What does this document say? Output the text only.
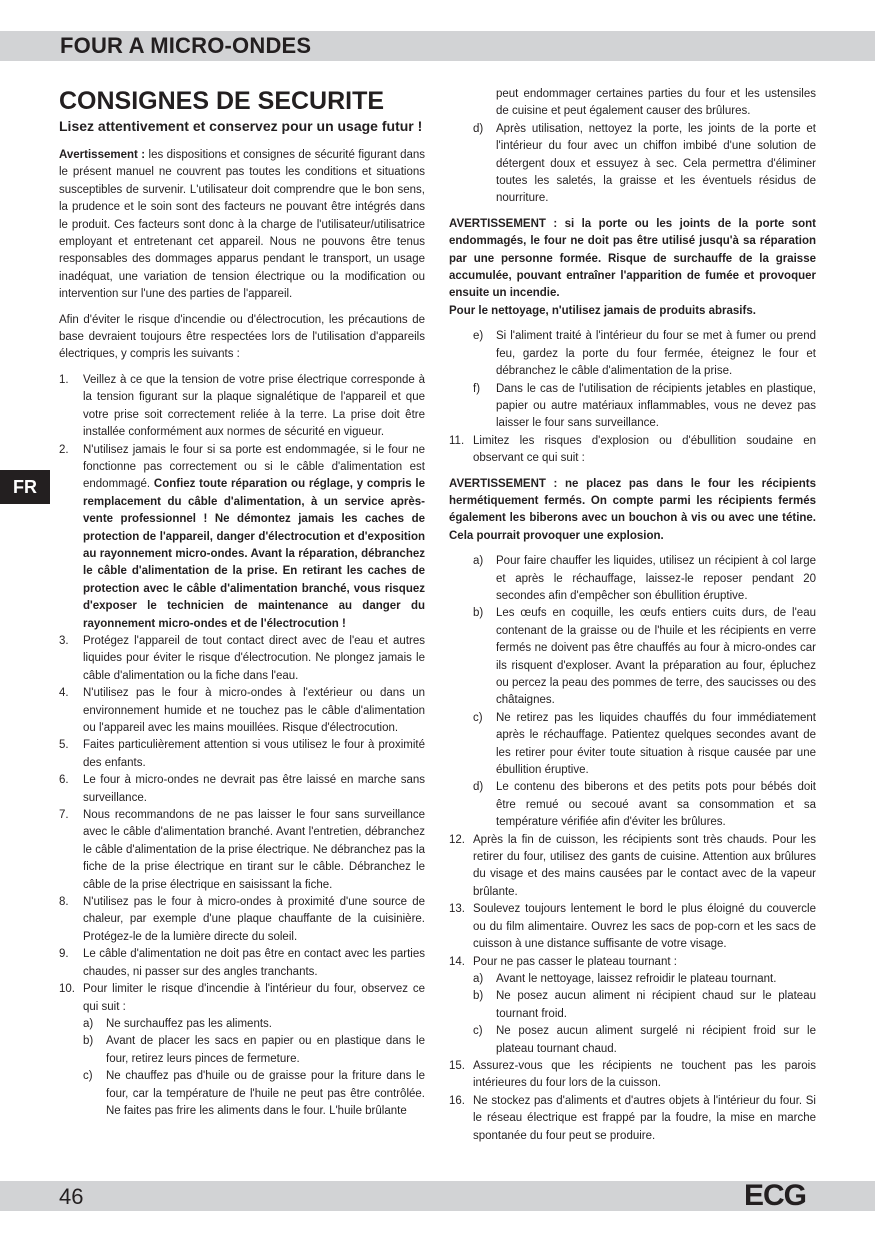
FOUR A MICRO-ONDES
FR
CONSIGNES DE SECURITE
Lisez attentivement et conservez pour un usage futur !

Avertissement : les dispositions et consignes de sécurité figurant dans le présent manuel ne couvrent pas toutes les conditions et situations susceptibles de survenir. L'utilisateur doit comprendre que le bon sens, la prudence et le soin sont des facteurs ne pouvant être intégrés dans le produit. Ces facteurs sont donc à la charge de l'utilisateur/utilisatrice employant et entretenant cet appareil. Nous ne pouvons être tenus responsables des dommages apparus pendant le transport, un usage inadéquat, une variation de tension électrique ou la modification ou intervention sur l'une des parties de l'appareil.

Afin d'éviter le risque d'incendie ou d'électrocution, les précautions de base devraient toujours être respectées lors de l'utilisation d'appareils électriques, y compris les suivants :

1. Veillez à ce que la tension de votre prise électrique corresponde à la tension figurant sur la plaque signalétique de l'appareil et que votre prise soit correctement reliée à la terre. La prise doit être installée conformément aux normes de sécurité en vigueur.
2. N'utilisez jamais le four si sa porte est endommagée, si le four ne fonctionne pas correctement ou si le câble d'alimentation est endommagé. Confiez toute réparation ou réglage, y compris le remplacement du câble d'alimentation, à un service après-vente professionnel ! Ne démontez jamais les caches de protection de l'appareil, danger d'électrocution et d'exposition au rayonnement micro-ondes. Avant la réparation, débranchez le câble d'alimentation de la prise. En retirant les caches de protection avec le câble d'alimentation branché, vous risquez d'exposer le technicien de maintenance au danger du rayonnement micro-ondes et de l'électrocution !
3. Protégez l'appareil de tout contact direct avec de l'eau et autres liquides pour éviter le risque d'électrocution. Ne plongez jamais le câble d'alimentation ou la fiche dans l'eau.
4. N'utilisez pas le four à micro-ondes à l'extérieur ou dans un environnement humide et ne touchez pas le câble d'alimentation ou l'appareil avec les mains mouillées. Risque d'électrocution.
5. Faites particulièrement attention si vous utilisez le four à proximité des enfants.
6. Le four à micro-ondes ne devrait pas être laissé en marche sans surveillance.
7. Nous recommandons de ne pas laisser le four sans surveillance avec le câble d'alimentation branché. Avant l'entretien, débranchez le câble d'alimentation de la prise électrique. Ne débranchez pas la fiche de la prise électrique en tirant sur le câble. Débranchez le câble de la prise électrique en saisissant la fiche.
8. N'utilisez pas le four à micro-ondes à proximité d'une source de chaleur, par exemple d'une plaque chauffante de la cuisinière. Protégez-le de la lumière directe du soleil.
9. Le câble d'alimentation ne doit pas être en contact avec les parties chaudes, ni passer sur des angles tranchants.
10. Pour limiter le risque d'incendie à l'intérieur du four, observez ce qui suit :
a) Ne surchauffez pas les aliments.
b) Avant de placer les sacs en papier ou en plastique dans le four, retirez leurs pinces de fermeture.
c) Ne chauffez pas d'huile ou de graisse pour la friture dans le four, car la température de l'huile ne peut pas être contrôlée. Ne faites pas frire les aliments dans le four. L'huile brûlante
peut endommager certaines parties du four et les ustensiles de cuisine et peut également causer des brûlures.
d) Après utilisation, nettoyez la porte, les joints de la porte et l'intérieur du four avec un chiffon imbibé d'une solution de détergent doux et essuyez à sec. Cela permettra d'éliminer toutes les saletés, la graisse et les éventuels résidus de nourriture.

AVERTISSEMENT : si la porte ou les joints de la porte sont endommagés, le four ne doit pas être utilisé jusqu'à sa réparation par une personne formée. Risque de surchauffe de la graisse accumulée, pouvant entraîner l'apparition de fumée et provoquer ensuite un incendie.

Pour le nettoyage, n'utilisez jamais de produits abrasifs.

e) Si l'aliment traité à l'intérieur du four se met à fumer ou prend feu, gardez la porte du four fermée, éteignez le four et débranchez le câble d'alimentation de la prise.
f) Dans le cas de l'utilisation de récipients jetables en plastique, papier ou autre matériaux inflammables, vous ne devez pas laisser le four sans surveillance.
11. Limitez les risques d'explosion ou d'ébullition soudaine en observant ce qui suit :

AVERTISSEMENT : ne placez pas dans le four les récipients hermétiquement fermés. On compte parmi les récipients fermés également les biberons avec un bouchon à vis ou avec une tétine. Cela pourrait provoquer une explosion.

a) Pour faire chauffer les liquides, utilisez un récipient à col large et après le réchauffage, laissez-le reposer pendant 20 secondes afin d'empêcher son ébullition éruptive.
b) Les œufs en coquille, les œufs entiers cuits durs, de l'eau contenant de la graisse ou de l'huile et les récipients en verre fermés ne doivent pas être chauffés au four à micro-ondes car ils risquent d'exploser. Avant la préparation au four, épluchez ou percez la peau des pommes de terre, des saucisses ou des châtaignes.
c) Ne retirez pas les liquides chauffés du four immédiatement après le réchauffage. Patientez quelques secondes avant de les retirer pour éviter toute situation à risque causée par une ébullition éruptive.
d) Le contenu des biberons et des petits pots pour bébés doit être remué ou secoué avant sa consommation et sa température vérifiée afin d'éviter les brûlures.
12. Après la fin de cuisson, les récipients sont très chauds. Pour les retirer du four, utilisez des gants de cuisine. Attention aux brûlures du visage et des mains causées par le contact avec de la vapeur brûlante.
13. Soulevez toujours lentement le bord le plus éloigné du couvercle ou du film alimentaire. Ouvrez les sacs de pop-corn et les sacs de cuisson à une distance suffisante de votre visage.
14. Pour ne pas casser le plateau tournant :
a) Avant le nettoyage, laissez refroidir le plateau tournant.
b) Ne posez aucun aliment ni récipient chaud sur le plateau tournant froid.
c) Ne posez aucun aliment surgelé ni récipient froid sur le plateau tournant chaud.
15. Assurez-vous que les récipients ne touchent pas les parois intérieures du four lors de la cuisson.
16. Ne stockez pas d'aliments et d'autres objets à l'intérieur du four. Si le réseau électrique est frappé par la foudre, la mise en marche spontanée du four peut se produire.
46	ECG
